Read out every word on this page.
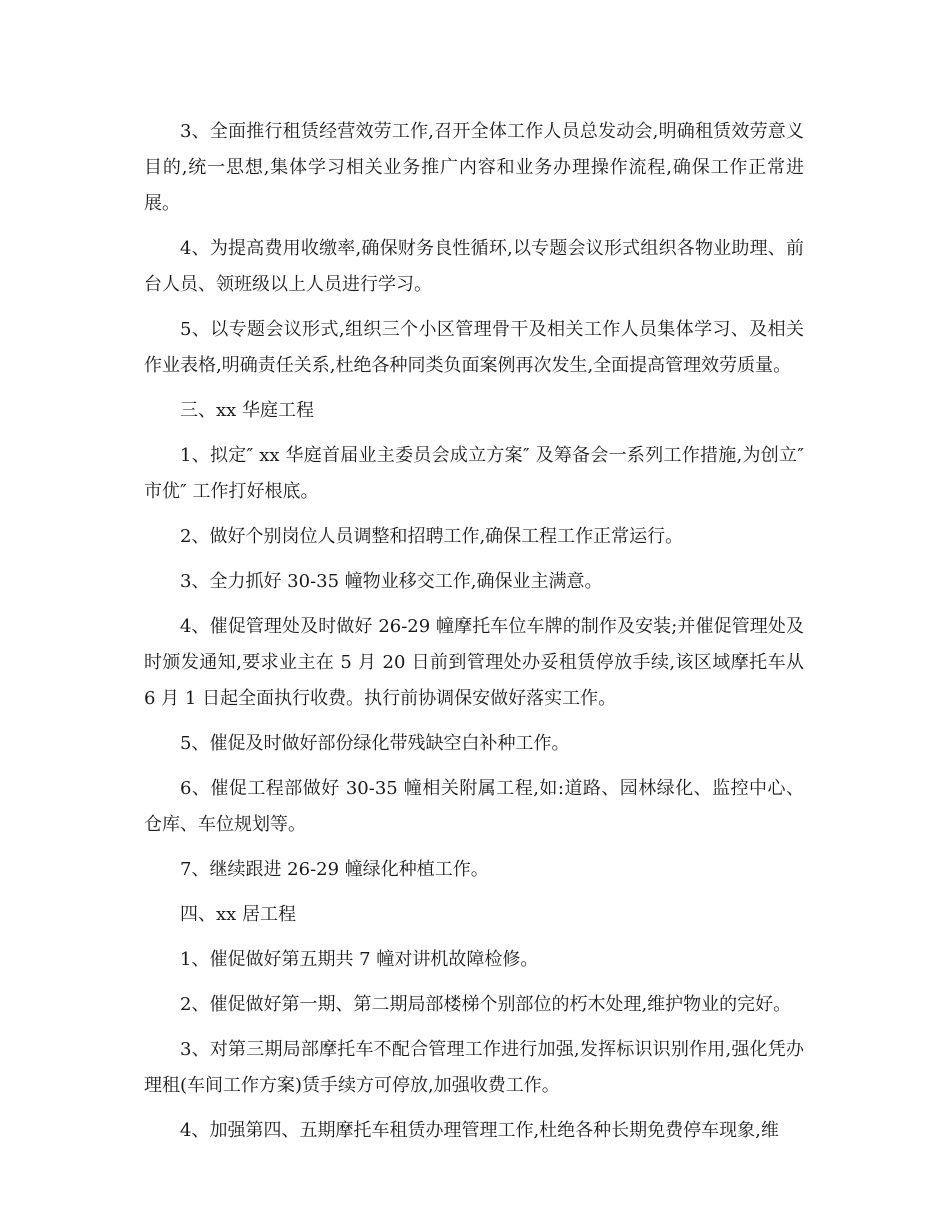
3、全面推行租赁经营效劳工作,召开全体工作人员总发动会,明确租赁效劳意义目的,统一思想,集体学习相关业务推广内容和业务办理操作流程,确保工作正常进展。

4、为提高费用收缴率,确保财务良性循环,以专题会议形式组织各物业助理、前台人员、领班级以上人员进行学习。

5、以专题会议形式,组织三个小区管理骨干及相关工作人员集体学习、及相关作业表格,明确责任关系,杜绝各种同类负面案例再次发生,全面提高管理效劳质量。

三、xx 华庭工程

1、拟定″ xx 华庭首届业主委员会成立方案″ 及筹备会一系列工作措施,为创立″ 市优″ 工作打好根底。

2、做好个别岗位人员调整和招聘工作,确保工程工作正常运行。

3、全力抓好 30-35 幢物业移交工作,确保业主满意。

4、催促管理处及时做好 26-29 幢摩托车位车牌的制作及安装;并催促管理处及时颁发通知,要求业主在 5 月 20 日前到管理处办妥租赁停放手续,该区域摩托车从 6 月 1 日起全面执行收费。执行前协调保安做好落实工作。

5、催促及时做好部份绿化带残缺空白补种工作。

6、催促工程部做好 30-35 幢相关附属工程,如:道路、园林绿化、监控中心、仓库、车位规划等。

7、继续跟进 26-29 幢绿化种植工作。

四、xx 居工程

1、催促做好第五期共 7 幢对讲机故障检修。

2、催促做好第一期、第二期局部楼梯个别部位的朽木处理,维护物业的完好。

3、对第三期局部摩托车不配合管理工作进行加强,发挥标识识别作用,强化凭办理租(车间工作方案)赁手续方可停放,加强收费工作。

4、加强第四、五期摩托车租赁办理管理工作,杜绝各种长期免费停车现象,维
